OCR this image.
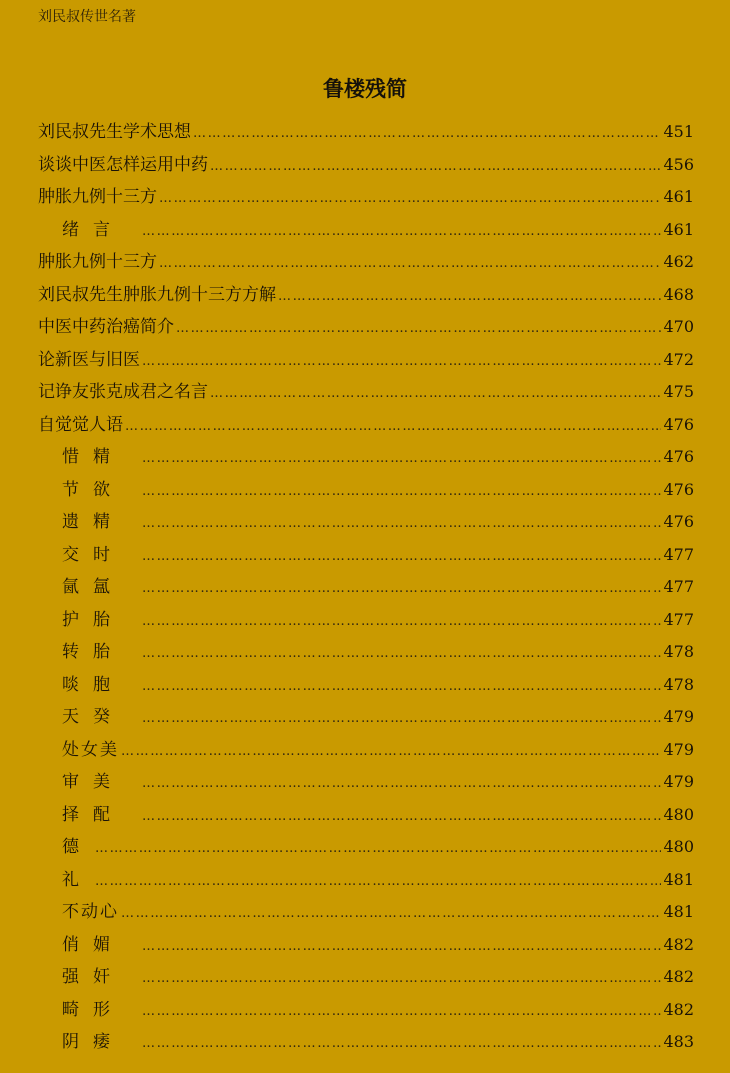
刘民叔传世名著
鲁楼残简
刘民叔先生学术思想 ……………………………………………………………………………………………………………………………………………………………………………………………………………………………………	451
谈谈中医怎样运用中药 ……………………………………………………………………………………………………………………………………………………………………………………………………………………………………	456
肿胀九例十三方 ……………………………………………………………………………………………………………………………………………………………………………………………………………………………………	461
绪言 ……………………………………………………………………………………………………………………………………………………………………………………………………………………………………	461
肿胀九例十三方 ……………………………………………………………………………………………………………………………………………………………………………………………………………………………………	462
刘民叔先生肿胀九例十三方方解 ……………………………………………………………………………………………………………………………………………………………………………………………………………………………………	468
中医中药治癌简介 ……………………………………………………………………………………………………………………………………………………………………………………………………………………………………	470
论新医与旧医 ……………………………………………………………………………………………………………………………………………………………………………………………………………………………………	472
记诤友张克成君之名言 ……………………………………………………………………………………………………………………………………………………………………………………………………………………………………	475
自觉觉人语 ……………………………………………………………………………………………………………………………………………………………………………………………………………………………………	476
惜精 ……………………………………………………………………………………………………………………………………………………………………………………………………………………………………	476
节欲 ……………………………………………………………………………………………………………………………………………………………………………………………………………………………………	476
遗精 ……………………………………………………………………………………………………………………………………………………………………………………………………………………………………	476
交时 ……………………………………………………………………………………………………………………………………………………………………………………………………………………………………	477
氤氲 ……………………………………………………………………………………………………………………………………………………………………………………………………………………………………	477
护胎 ……………………………………………………………………………………………………………………………………………………………………………………………………………………………………	477
转胎 ……………………………………………………………………………………………………………………………………………………………………………………………………………………………………	478
啖胞 ……………………………………………………………………………………………………………………………………………………………………………………………………………………………………	478
天癸 ……………………………………………………………………………………………………………………………………………………………………………………………………………………………………	479
处女美 ……………………………………………………………………………………………………………………………………………………………………………………………………………………………………	479
审美 ……………………………………………………………………………………………………………………………………………………………………………………………………………………………………	479
择配 ……………………………………………………………………………………………………………………………………………………………………………………………………………………………………	480
德 ……………………………………………………………………………………………………………………………………………………………………………………………………………………………………	480
礼 ……………………………………………………………………………………………………………………………………………………………………………………………………………………………………	481
不动心 ……………………………………………………………………………………………………………………………………………………………………………………………………………………………………	481
俏媚 ……………………………………………………………………………………………………………………………………………………………………………………………………………………………………	482
强奸 ……………………………………………………………………………………………………………………………………………………………………………………………………………………………………	482
畸形 ……………………………………………………………………………………………………………………………………………………………………………………………………………………………………	482
阴痿 ……………………………………………………………………………………………………………………………………………………………………………………………………………………………………	483
